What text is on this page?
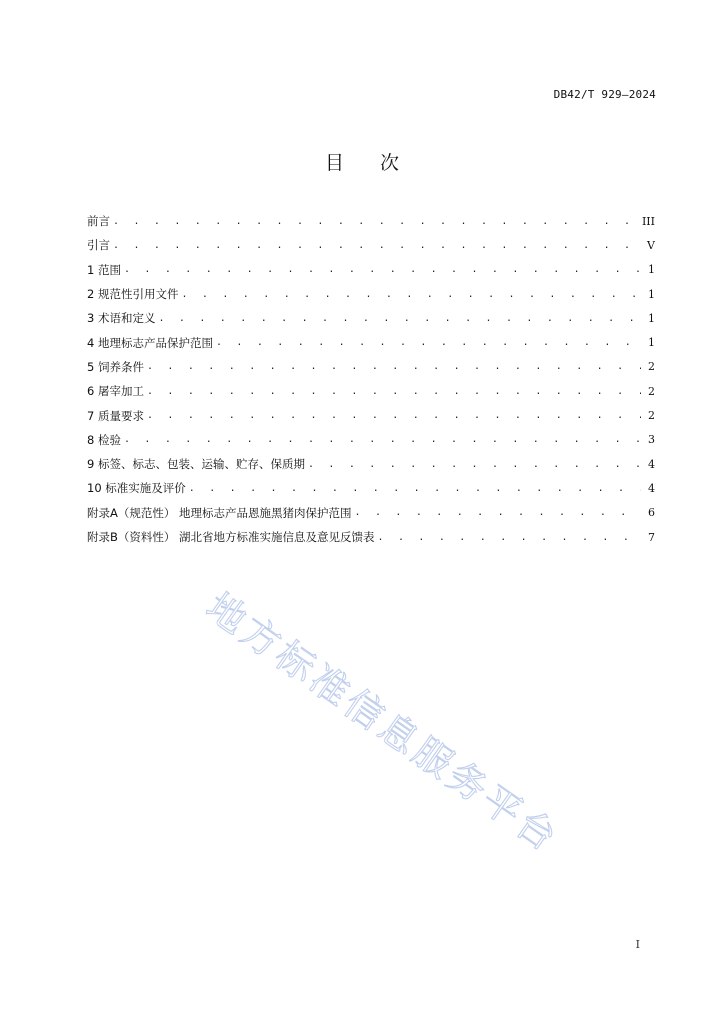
DB42/T 929—2024
目次
前言 . . .	III
引言 . . .	V
1 范围 . . .	1
2 规范性引用文件 . . .	1
3 术语和定义 . . .	1
4 地理标志产品保护范围 . . .	1
5 饲养条件 . . .	2
6 屠宰加工 . . .	2
7 质量要求 . . .	2
8 检验 . . .	3
9 标签、标志、包装、运输、贮存、保质期 . . .	4
10 标准实施及评价 . . .	4
附录A（规范性） 地理标志产品恩施黑猪肉保护范围 . . .	6
附录B（资料性） 湖北省地方标准实施信息及意见反馈表 . . .	7
地方标准信息服务平台
I
